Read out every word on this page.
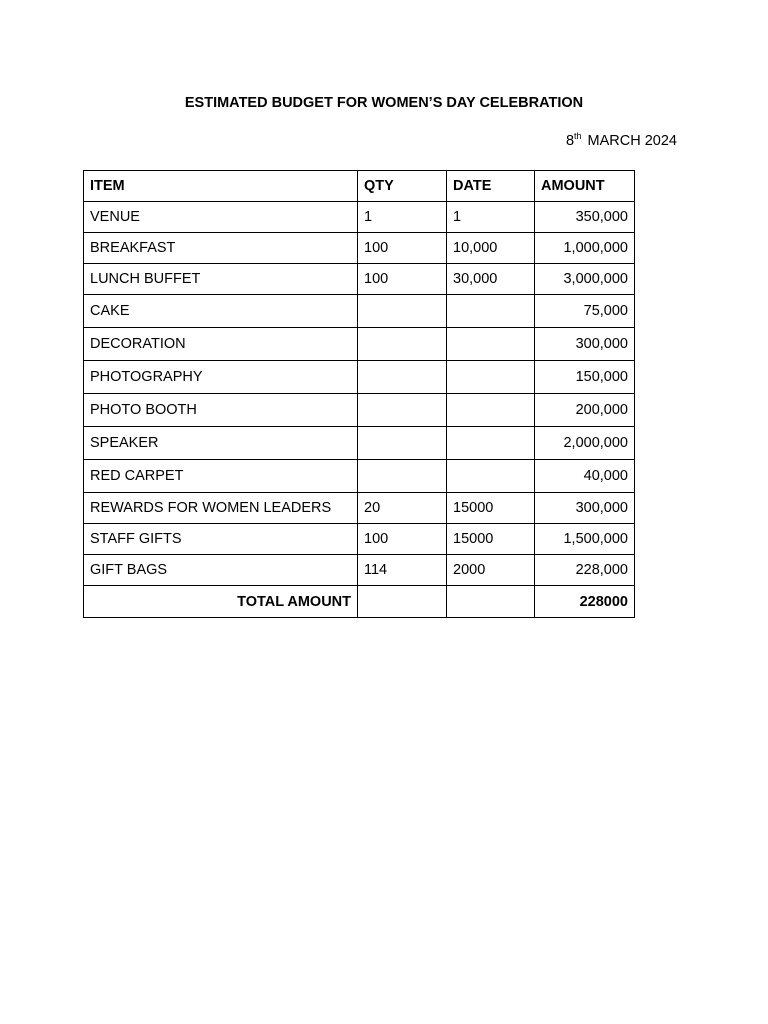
ESTIMATED BUDGET FOR WOMEN’S DAY CELEBRATION
8th MARCH 2024
ITEM	QTY	DATE	AMOUNT
VENUE	1	1	350,000
BREAKFAST	100	10,000	1,000,000
LUNCH BUFFET	100	30,000	3,000,000
CAKE			75,000
DECORATION			300,000
PHOTOGRAPHY			150,000
PHOTO BOOTH			200,000
SPEAKER			2,000,000
RED CARPET			40,000
REWARDS FOR WOMEN LEADERS	20	15000	300,000
STAFF GIFTS	100	15000	1,500,000
GIFT BAGS	114	2000	228,000
TOTAL AMOUNT			228000
